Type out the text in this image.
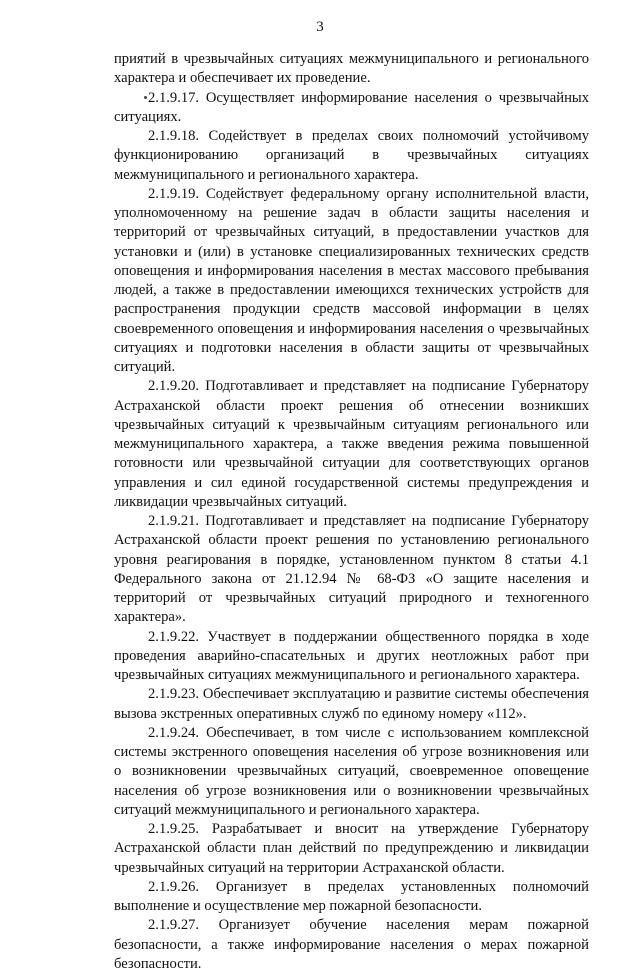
3

приятий в чрезвычайных ситуациях межмуниципального и регионального характера и обеспечивает их проведение.

2.1.9.17. Осуществляет информирование населения о чрезвычайных ситуациях.

2.1.9.18. Содействует в пределах своих полномочий устойчивому функционированию организаций в чрезвычайных ситуациях межмуниципального и регионального характера.

2.1.9.19. Содействует федеральному органу исполнительной власти, уполномоченному на решение задач в области защиты населения и территорий от чрезвычайных ситуаций, в предоставлении участков для установки и (или) в установке специализированных технических средств оповещения и информирования населения в местах массового пребывания людей, а также в предоставлении имеющихся технических устройств для распространения продукции средств массовой информации в целях своевременного оповещения и информирования населения о чрезвычайных ситуациях и подготовки населения в области защиты от чрезвычайных ситуаций.

2.1.9.20. Подготавливает и представляет на подписание Губернатору Астраханской области проект решения об отнесении возникших чрезвычайных ситуаций к чрезвычайным ситуациям регионального или межмуниципального характера, а также введения режима повышенной готовности или чрезвычайной ситуации для соответствующих органов управления и сил единой государственной системы предупреждения и ликвидации чрезвычайных ситуаций.

2.1.9.21. Подготавливает и представляет на подписание Губернатору Астраханской области проект решения по установлению регионального уровня реагирования в порядке, установленном пунктом 8 статьи 4.1 Федерального закона от 21.12.94 № 68-ФЗ «О защите населения и территорий от чрезвычайных ситуаций природного и техногенного характера».

2.1.9.22. Участвует в поддержании общественного порядка в ходе проведения аварийно-спасательных и других неотложных работ при чрезвычайных ситуациях межмуниципального и регионального характера.

2.1.9.23. Обеспечивает эксплуатацию и развитие системы обеспечения вызова экстренных оперативных служб по единому номеру «112».

2.1.9.24. Обеспечивает, в том числе с использованием комплексной системы экстренного оповещения населения об угрозе возникновения или о возникновении чрезвычайных ситуаций, своевременное оповещение населения об угрозе возникновения или о возникновении чрезвычайных ситуаций межмуниципального и регионального характера.

2.1.9.25. Разрабатывает и вносит на утверждение Губернатору Астраханской области план действий по предупреждению и ликвидации чрезвычайных ситуаций на территории Астраханской области.

2.1.9.26. Организует в пределах установленных полномочий выполнение и осуществление мер пожарной безопасности.

2.1.9.27. Организует обучение населения мерам пожарной безопасности, а также информирование населения о мерах пожарной безопасности.
